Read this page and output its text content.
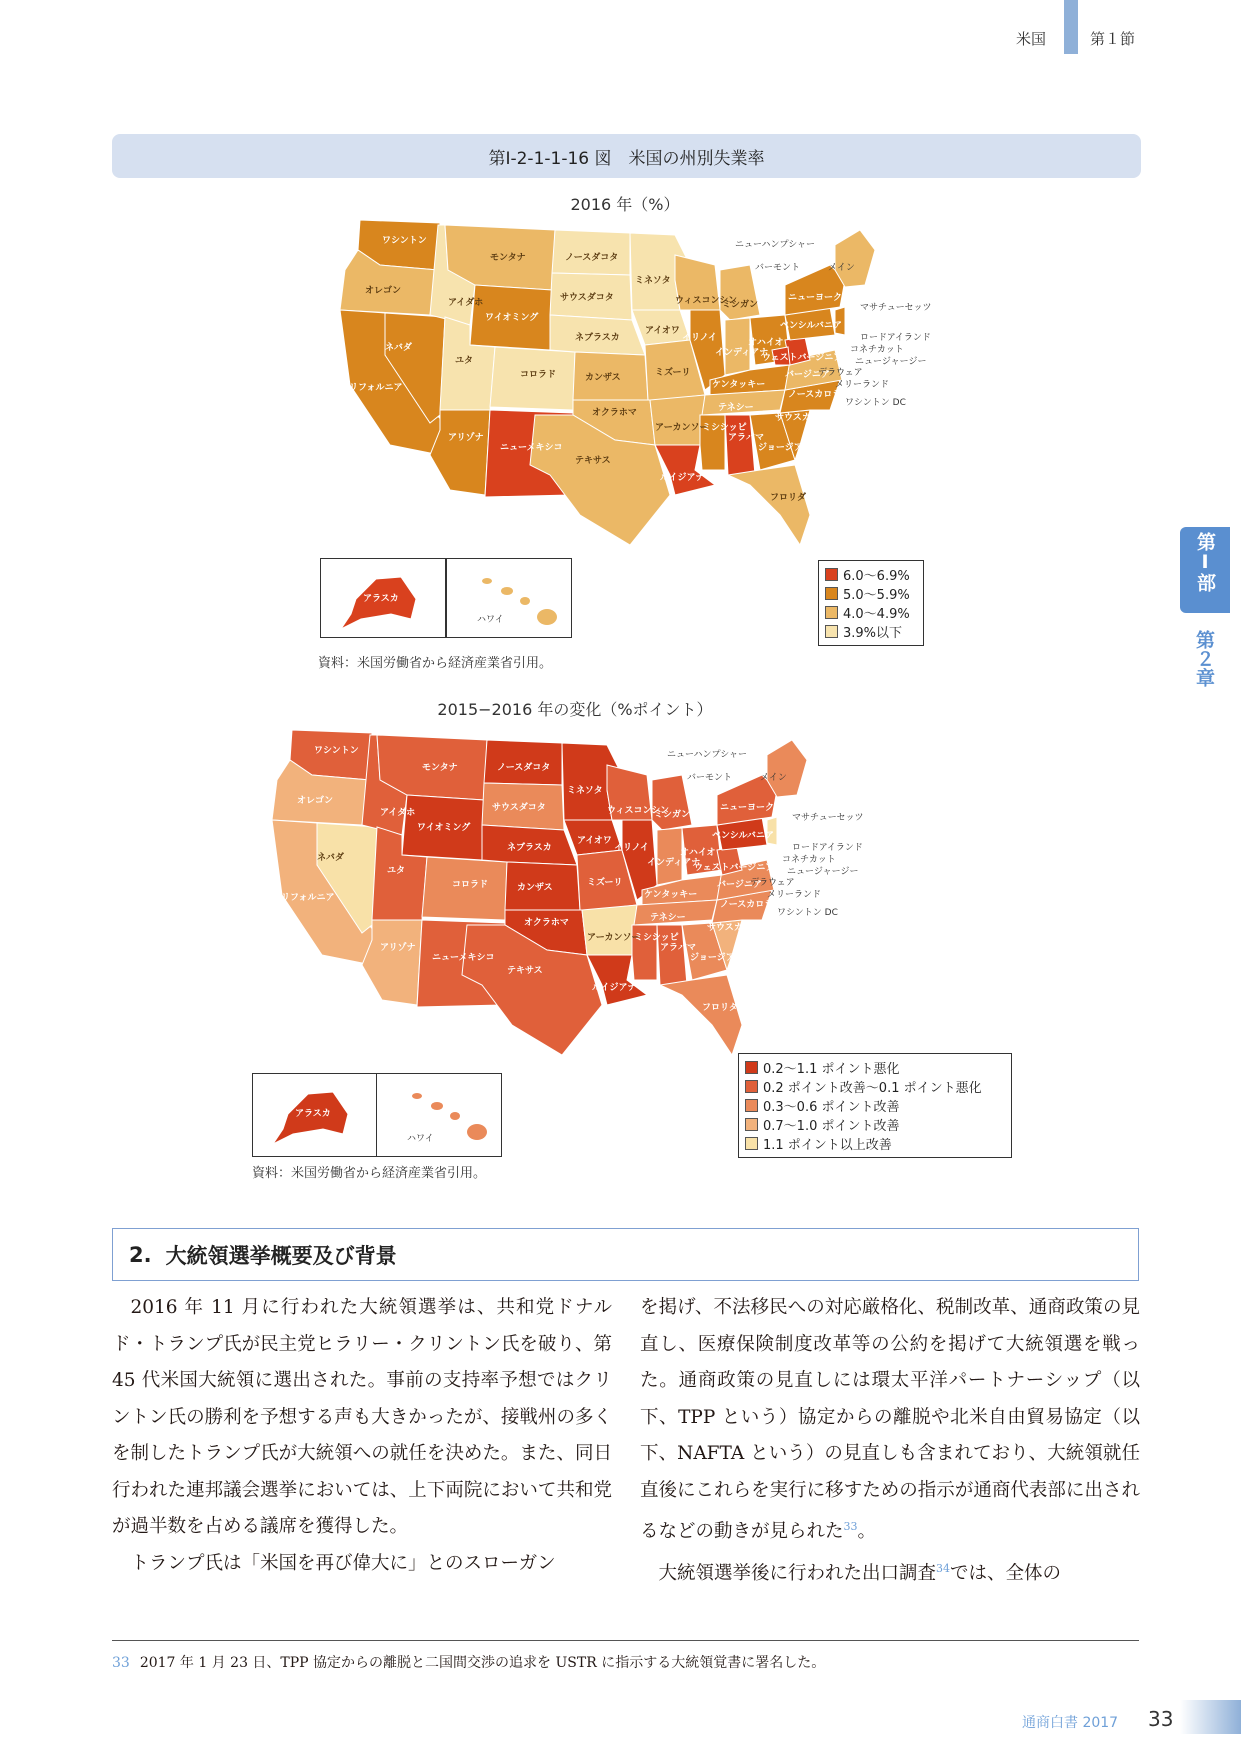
米国	第１節
第Ⅰ部
第２章
第Ⅰ-2-1-1-16 図　米国の州別失業率
2016 年（%）
ワシントン
オレゴン
カリフォルニア
ネバダ
アイダホ
モンタナ
ワイオミング
ユタ
コロラド
アリゾナ
ニューメキシコ
ノースダコタ
サウスダコタ
ネブラスカ
カンザス
オクラホマ
テキサス
ミネソタ
アイオワ
ミズーリ
アーカンソー
ルイジアナ
ウィスコンシン
イリノイ
ミシシッピ
ミシガン
インディアナ
ケンタッキー
テネシー
アラバマ
オハイオ
ウェストバージニア
バージニア
ノースカロライナ
サウスカロライナ
ジョージア
フロリダ
ペンシルバニア
ニューヨーク
ニューハンプシャー
バーモント	メイン
マサチューセッツ
ロードアイランド
コネチカット
ニュージャージー
デラウェア
メリーランド
ワシントン DC
アラスカ
ハワイ
6.0〜6.9%
5.0〜5.9%
4.0〜4.9%
3.9%以下
資料：米国労働省から経済産業省引用。
2015−2016 年の変化（%ポイント）
ワシントン
オレゴン
カリフォルニア
ネバダ
アイダホ
モンタナ
ワイオミング
ユタ
コロラド
アリゾナ
ニューメキシコ
ノースダコタ
サウスダコタ
ネブラスカ
カンザス
オクラホマ
テキサス
ミネソタ
アイオワ
ミズーリ
アーカンソー
ルイジアナ
ウィスコンシン
イリノイ
ミシシッピ
ミシガン
インディアナ
ケンタッキー
テネシー
アラバマ
オハイオ
ウェストバージニア
バージニア
ノースカロライナ
サウスカロライナ
ジョージア
フロリダ
ペンシルバニア
ニューヨーク
ニューハンプシャー
バーモント	メイン
マサチューセッツ
ロードアイランド
コネチカット
ニュージャージー
デラウェア
メリーランド
ワシントン DC
アラスカ
ハワイ
0.2〜1.1 ポイント悪化
0.2 ポイント改善〜0.1 ポイント悪化
0.3〜0.6 ポイント改善
0.7〜1.0 ポイント改善
1.1 ポイント以上改善
資料：米国労働省から経済産業省引用。
2. 大統領選挙概要及び背景

2016 年 11 月に行われた大統領選挙は、共和党ドナルド・トランプ氏が民主党ヒラリー・クリントン氏を破り、第 45 代米国大統領に選出された。事前の支持率予想ではクリントン氏の勝利を予想する声も大きかったが、接戦州の多くを制したトランプ氏が大統領への就任を決めた。また、同日行われた連邦議会選挙においては、上下両院において共和党が過半数を占める議席を獲得した。

トランプ氏は「米国を再び偉大に」とのスローガン

を掲げ、不法移民への対応厳格化、税制改革、通商政策の見直し、医療保険制度改革等の公約を掲げて大統領選を戦った。通商政策の見直しには環太平洋パートナーシップ（以下、TPP という）協定からの離脱や北米自由貿易協定（以下、NAFTA という）の見直しも含まれており、大統領就任直後にこれらを実行に移すための指示が通商代表部に出されるなどの動きが見られた$^{33}$。

大統領選挙後に行われた出口調査$^{34}$では、全体の

33 2017 年 1 月 23 日、TPP 協定からの離脱と二国間交渉の追求を USTR に指示する大統領覚書に署名した。
通商白書 2017 33
